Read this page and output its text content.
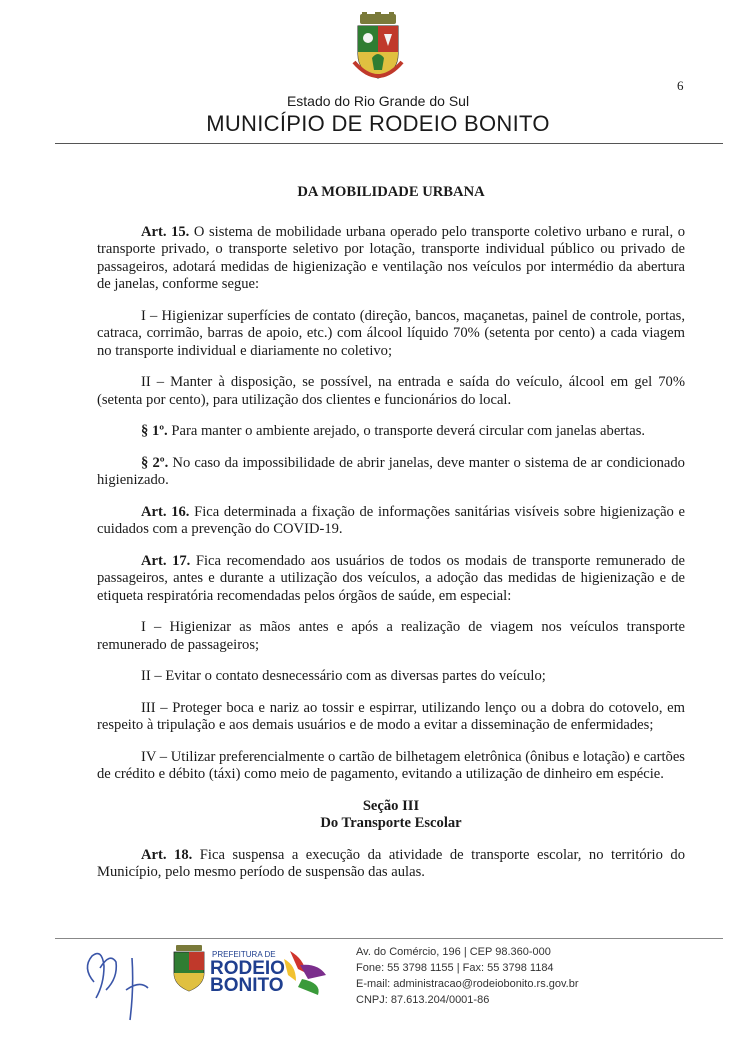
6
Estado do Rio Grande do Sul
MUNICÍPIO DE RODEIO BONITO

DA MOBILIDADE URBANA

Art. 15. O sistema de mobilidade urbana operado pelo transporte coletivo urbano e rural, o transporte privado, o transporte seletivo por lotação, transporte individual público ou privado de passageiros, adotará medidas de higienização e ventilação nos veículos por intermédio da abertura de janelas, conforme segue:

I – Higienizar superfícies de contato (direção, bancos, maçanetas, painel de controle, portas, catraca, corrimão, barras de apoio, etc.) com álcool líquido 70% (setenta por cento) a cada viagem no transporte individual e diariamente no coletivo;

II – Manter à disposição, se possível, na entrada e saída do veículo, álcool em gel 70% (setenta por cento), para utilização dos clientes e funcionários do local.

§ 1º. Para manter o ambiente arejado, o transporte deverá circular com janelas abertas.

§ 2º. No caso da impossibilidade de abrir janelas, deve manter o sistema de ar condicionado higienizado.

Art. 16. Fica determinada a fixação de informações sanitárias visíveis sobre higienização e cuidados com a prevenção do COVID-19.

Art. 17. Fica recomendado aos usuários de todos os modais de transporte remunerado de passageiros, antes e durante a utilização dos veículos, a adoção das medidas de higienização e de etiqueta respiratória recomendadas pelos órgãos de saúde, em especial:

I – Higienizar as mãos antes e após a realização de viagem nos veículos transporte remunerado de passageiros;

II – Evitar o contato desnecessário com as diversas partes do veículo;

III – Proteger boca e nariz ao tossir e espirrar, utilizando lenço ou a dobra do cotovelo, em respeito à tripulação e aos demais usuários e de modo a evitar a disseminação de enfermidades;

IV – Utilizar preferencialmente o cartão de bilhetagem eletrônica (ônibus e lotação) e cartões de crédito e débito (táxi) como meio de pagamento, evitando a utilização de dinheiro em espécie.

Seção III

Do Transporte Escolar

Art. 18. Fica suspensa a execução da atividade de transporte escolar, no território do Município, pelo mesmo período de suspensão das aulas.

PREFEITURA DE
RODEIO
BONITO
Av. do Comércio, 196 | CEP 98.360-000
Fone: 55 3798 1155 | Fax: 55 3798 1184
E-mail: administracao@rodeiobonito.rs.gov.br
CNPJ: 87.613.204/0001-86
